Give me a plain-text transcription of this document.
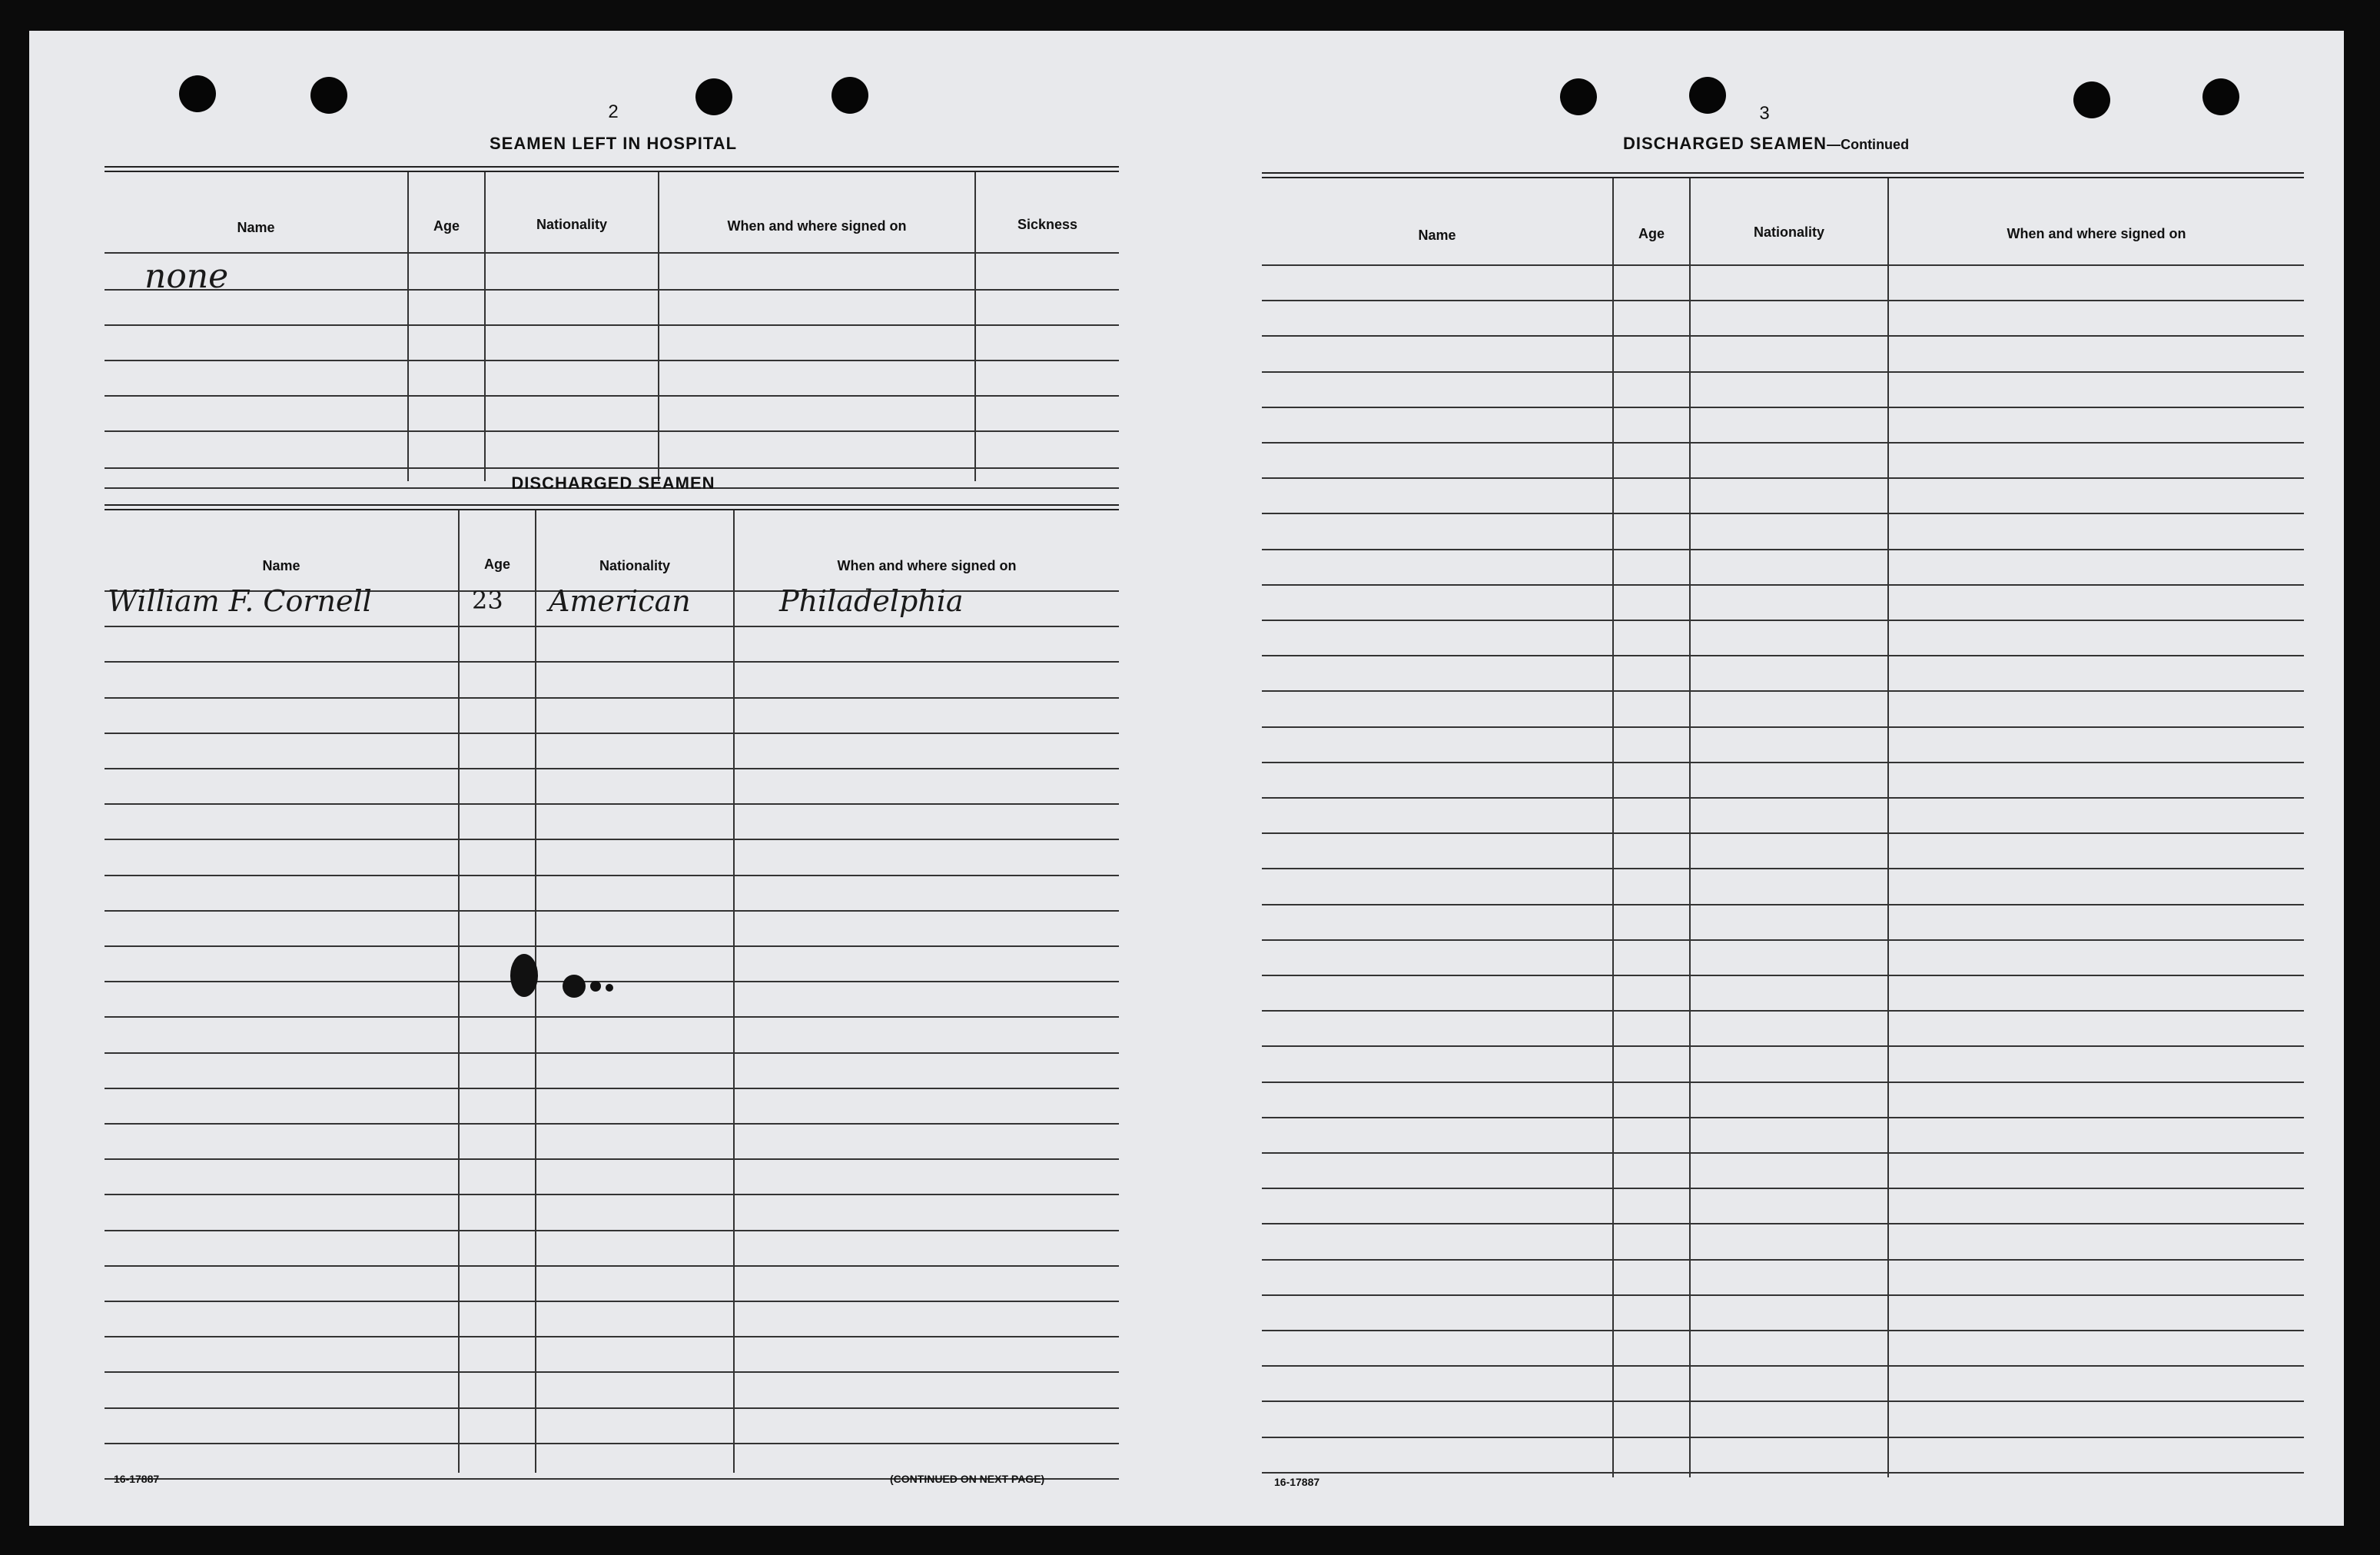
2
SEAMEN LEFT IN HOSPITAL
Name	Age	Nationality	When and where signed on	Sickness
none
DISCHARGED SEAMEN
Name	Age	Nationality	When and where signed on
William F. Cornell	23 American	Philadelphia
16-17887	(CONTINUED ON NEXT PAGE)
3
DISCHARGED SEAMEN—Continued
Name	Age	Nationality	When and where signed on
16-17887
